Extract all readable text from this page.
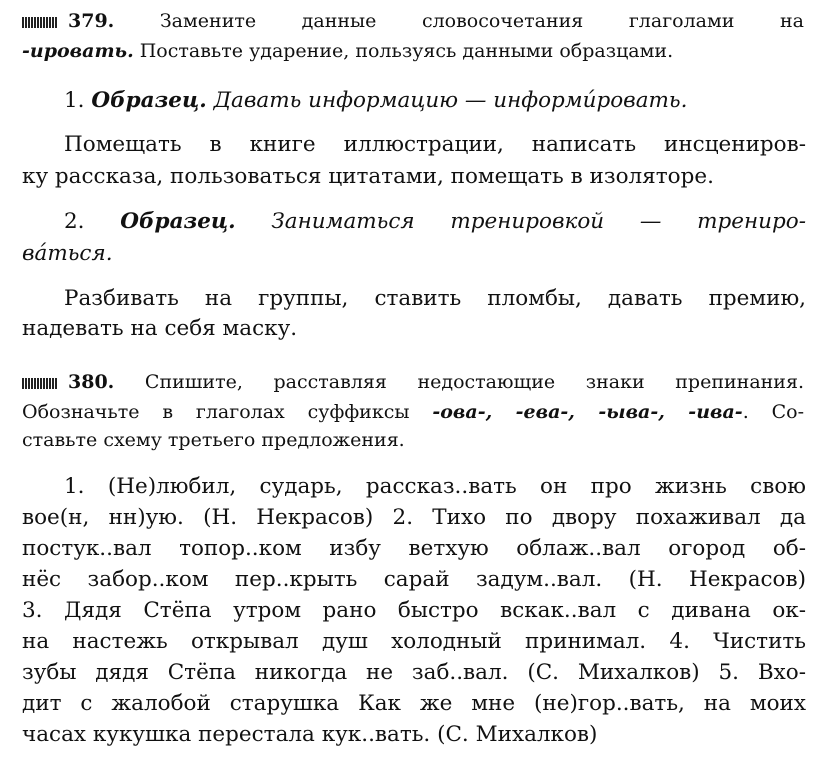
379. Замените данные словосочетания глаголами на
-ировать. Поставьте ударение, пользуясь данными образцами.
1. Образец. Давать информацию — информи́ровать.
Помещать в книге иллюстрации, написать инсцениров-
ку рассказа, пользоваться цитатами, помещать в изоляторе.
2. Образец. Заниматься тренировкой — трениро-
ва́ться.
Разбивать на группы, ставить пломбы, давать премию,
надевать на себя маску.
380. Спишите, расставляя недостающие знаки препинания.
Обозначьте в глаголах суффиксы -ова-, -ева-, -ыва-, -ива-. Со-
ставьте схему третьего предложения.
1. (Не)любил, сударь, рассказ..вать он про жизнь свою
вое(н, нн)ую. (Н. Некрасов) 2. Тихо по двору похаживал да
постук..вал топор..ком избу ветхую облаж..вал огород об-
нёс забор..ком пер..крыть сарай задум..вал. (Н. Некрасов)
3. Дядя Стёпа утром рано быстро вскак..вал с дивана ок-
на настежь открывал душ холодный принимал. 4. Чистить
зубы дядя Стёпа никогда не заб..вал. (С. Михалков) 5. Вхо-
дит с жалобой старушка Как же мне (не)гор..вать, на моих
часах кукушка перестала кук..вать. (С. Михалков)
